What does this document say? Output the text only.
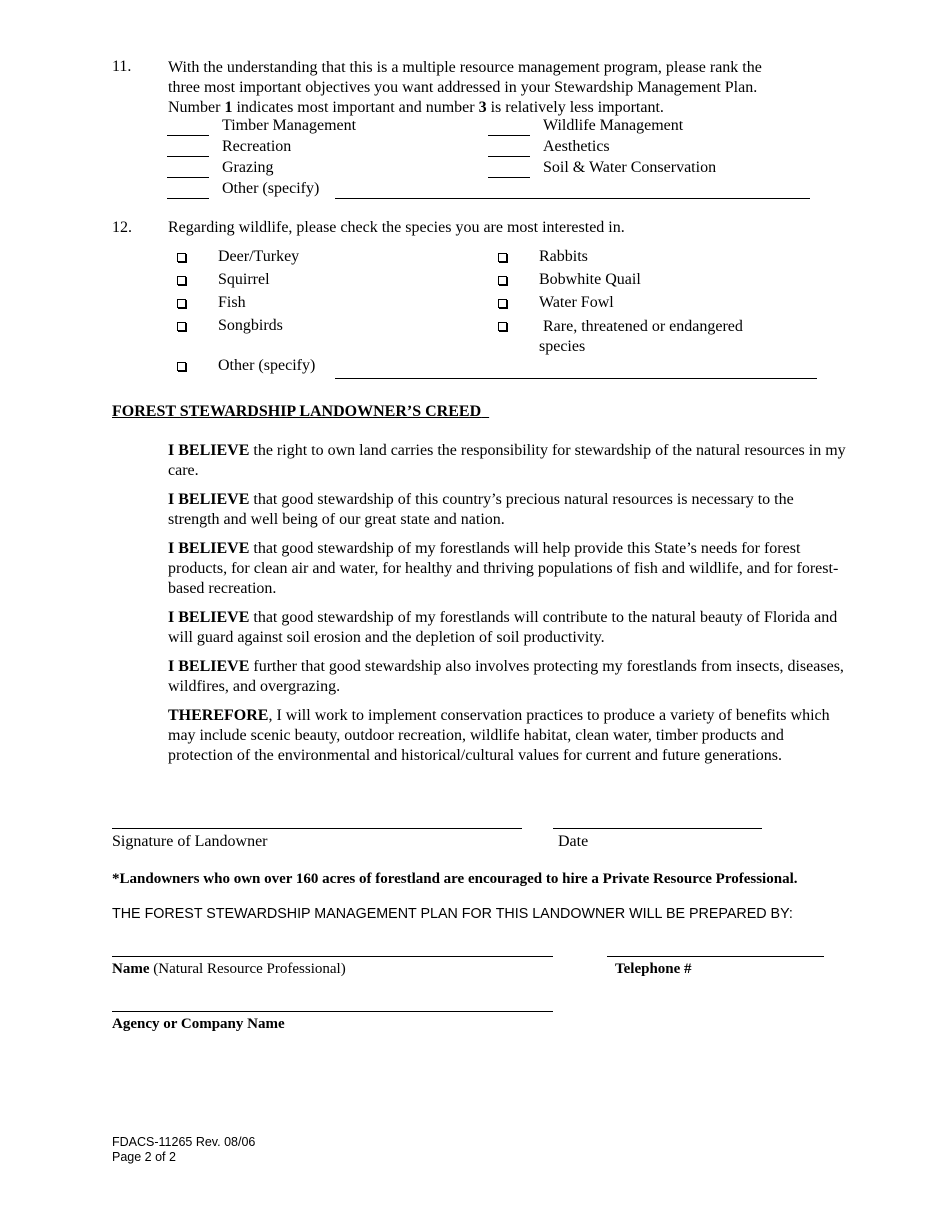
11. With the understanding that this is a multiple resource management program, please rank the
three most important objectives you want addressed in your Stewardship Management Plan.
Number 1 indicates most important and number 3 is relatively less important.
Timber Management
Recreation
Grazing
Other (specify)
Wildlife Management
Aesthetics
Soil & Water Conservation
12. Regarding wildlife, please check the species you are most interested in.
Deer/Turkey
Squirrel
Fish
Songbirds
Other (specify)
Rabbits
Bobwhite Quail
Water Fowl
Rare, threatened or endangered
species
FOREST STEWARDSHIP LANDOWNER’S CREED
I BELIEVE the right to own land carries the responsibility for stewardship of the natural resources in my care.
I BELIEVE that good stewardship of this country’s precious natural resources is necessary to the strength and well being of our great state and nation.
I BELIEVE that good stewardship of my forestlands will help provide this State’s needs for forest products, for clean air and water, for healthy and thriving populations of fish and wildlife, and for forest-based recreation.
I BELIEVE that good stewardship of my forestlands will contribute to the natural beauty of Florida and will guard against soil erosion and the depletion of soil productivity.
I BELIEVE further that good stewardship also involves protecting my forestlands from insects, diseases, wildfires, and overgrazing.
THEREFORE, I will work to implement conservation practices to produce a variety of benefits which may include scenic beauty, outdoor recreation, wildlife habitat, clean water, timber products and protection of the environmental and historical/cultural values for current and future generations.
Signature of Landowner	Date
*Landowners who own over 160 acres of forestland are encouraged to hire a Private Resource Professional.
THE FOREST STEWARDSHIP MANAGEMENT PLAN FOR THIS LANDOWNER WILL BE PREPARED BY:
Name (Natural Resource Professional)	Telephone #
Agency or Company Name
FDACS-11265 Rev. 08/06
Page 2 of 2
